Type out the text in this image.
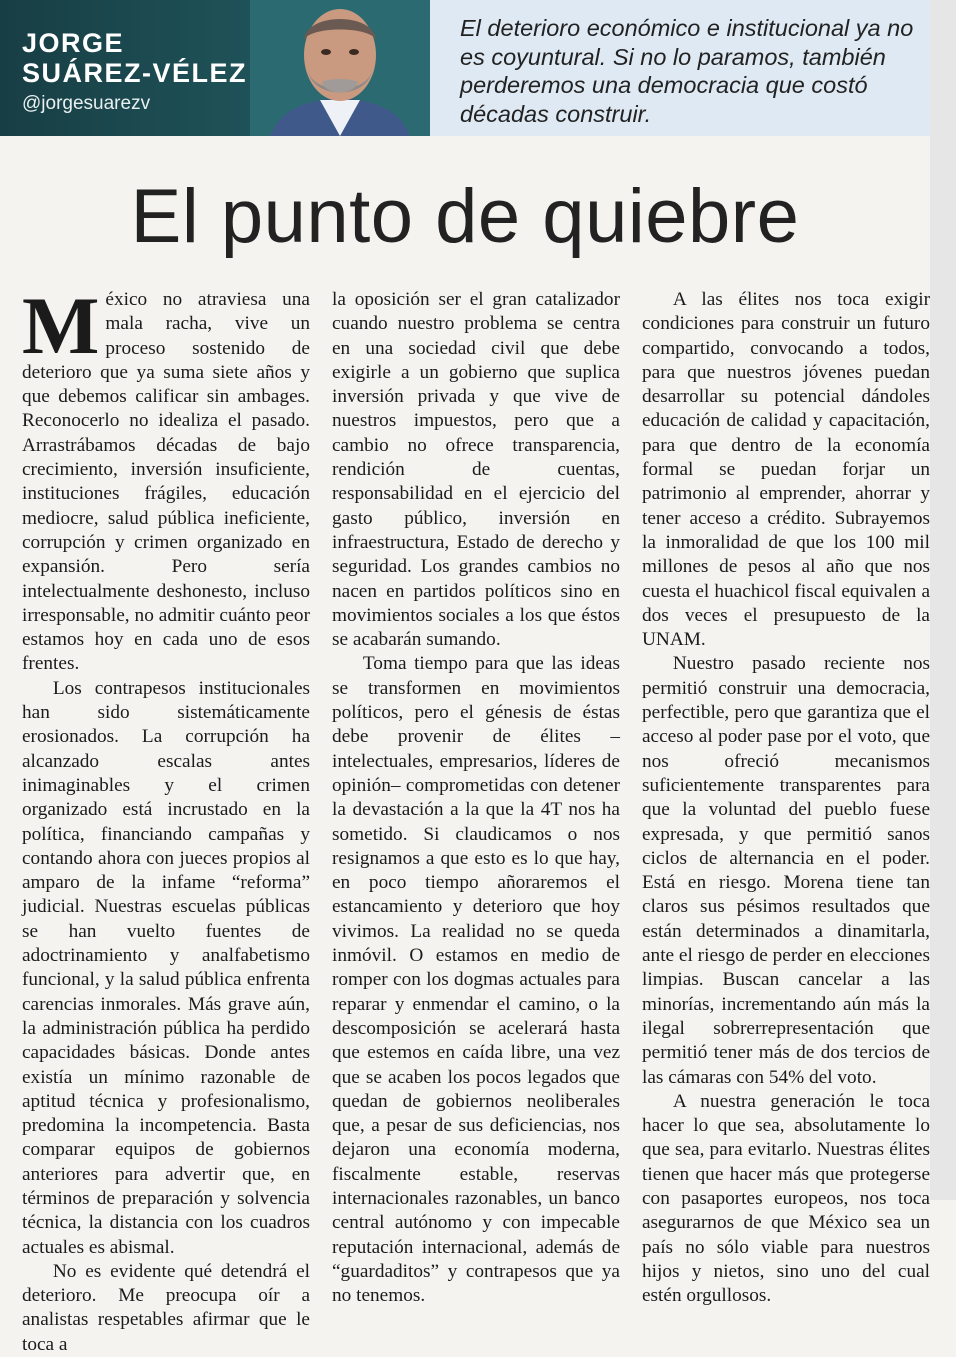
JORGE
SUÁREZ-VÉLEZ
@jorgesuarezv
El deterioro económico e institucional ya no es coyuntural. Si no lo paramos, también perderemos una democracia que costó décadas construir.
El punto de quiebre

México no atraviesa una mala racha, vive un proceso sostenido de deterioro que ya suma siete años y que debemos calificar sin ambages. Reconocerlo no idealiza el pasado. Arrastrábamos décadas de bajo crecimiento, inversión insuficiente, instituciones frágiles, educación mediocre, salud pública ineficiente, corrupción y crimen organizado en expansión. Pero sería intelectualmente deshonesto, incluso irresponsable, no admitir cuánto peor estamos hoy en cada uno de esos frentes.

Los contrapesos institucionales han sido sistemáticamente erosionados. La corrupción ha alcanzado escalas antes inimaginables y el crimen organizado está incrustado en la política, financiando campañas y contando ahora con jueces propios al amparo de la infame “reforma” judicial. Nuestras escuelas públicas se han vuelto fuentes de adoctrinamiento y analfabetismo funcional, y la salud pública enfrenta carencias inmorales. Más grave aún, la administración pública ha perdido capacidades básicas. Donde antes existía un mínimo razonable de aptitud técnica y profesionalismo, predomina la incompetencia. Basta comparar equipos de gobiernos anteriores para advertir que, en términos de preparación y solvencia técnica, la distancia con los cuadros actuales es abismal.

No es evidente qué detendrá el deterioro. Me preocupa oír a analistas respetables afirmar que le toca a

la oposición ser el gran catalizador cuando nuestro problema se centra en una sociedad civil que debe exigirle a un gobierno que suplica inversión privada y que vive de nuestros impuestos, pero que a cambio no ofrece transparencia, rendición de cuentas, responsabilidad en el ejercicio del gasto público, inversión en infraestructura, Estado de derecho y seguridad. Los grandes cambios no nacen en partidos políticos sino en movimientos sociales a los que éstos se acabarán sumando.

Toma tiempo para que las ideas se transformen en movimientos políticos, pero el génesis de éstas debe provenir de élites –intelectuales, empresarios, líderes de opinión– comprometidas con detener la devastación a la que la 4T nos ha sometido. Si claudicamos o nos resignamos a que esto es lo que hay, en poco tiempo añoraremos el estancamiento y deterioro que hoy vivimos. La realidad no se queda inmóvil. O estamos en medio de romper con los dogmas actuales para reparar y enmendar el camino, o la descomposición se acelerará hasta que estemos en caída libre, una vez que se acaben los pocos legados que quedan de gobiernos neoliberales que, a pesar de sus deficiencias, nos dejaron una economía moderna, fiscalmente estable, reservas internacionales razonables, un banco central autónomo y con impecable reputación internacional, además de “guardaditos” y contrapesos que ya no tenemos.

A las élites nos toca exigir condiciones para construir un futuro compartido, convocando a todos, para que nuestros jóvenes puedan desarrollar su potencial dándoles educación de calidad y capacitación, para que dentro de la economía formal se puedan forjar un patrimonio al emprender, ahorrar y tener acceso a crédito. Subrayemos la inmoralidad de que los 100 mil millones de pesos al año que nos cuesta el huachicol fiscal equivalen a dos veces el presupuesto de la UNAM.

Nuestro pasado reciente nos permitió construir una democracia, perfectible, pero que garantiza que el acceso al poder pase por el voto, que nos ofreció mecanismos suficientemente transparentes para que la voluntad del pueblo fuese expresada, y que permitió sanos ciclos de alternancia en el poder. Está en riesgo. Morena tiene tan claros sus pésimos resultados que están determinados a dinamitarla, ante el riesgo de perder en elecciones limpias. Buscan cancelar a las minorías, incrementando aún más la ilegal sobrerrepresentación que permitió tener más de dos tercios de las cámaras con 54% del voto.

A nuestra generación le toca hacer lo que sea, absolutamente lo que sea, para evitarlo. Nuestras élites tienen que hacer más que protegerse con pasaportes europeos, nos toca asegurarnos de que México sea un país no sólo viable para nuestros hijos y nietos, sino uno del cual estén orgullosos.
